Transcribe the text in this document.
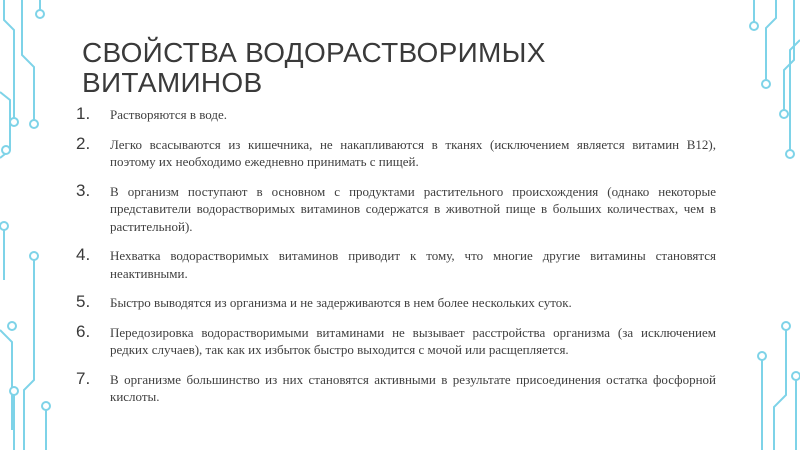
СВОЙСТВА ВОДОРАСТВОРИМЫХ ВИТАМИНОВ
1. Растворяются в воде.
2. Легко всасываются из кишечника, не накапливаются в тканях (исключением является витамин В12), поэтому их необходимо ежедневно принимать с пищей.
3. В организм поступают в основном с продуктами растительного происхождения (однако некоторые представители водорастворимых витаминов содержатся в животной пище в больших количествах, чем в растительной).
4. Нехватка водорастворимых витаминов приводит к тому, что многие другие витамины становятся неактивными.
5. Быстро выводятся из организма и не задерживаются в нем более нескольких суток.
6. Передозировка водорастворимыми витаминами не вызывает расстройства организма (за исключением редких случаев), так как их избыток быстро выходится с мочой или расщепляется.
7. В организме большинство из них становятся активными в результате присоединения остатка фосфорной кислоты.
